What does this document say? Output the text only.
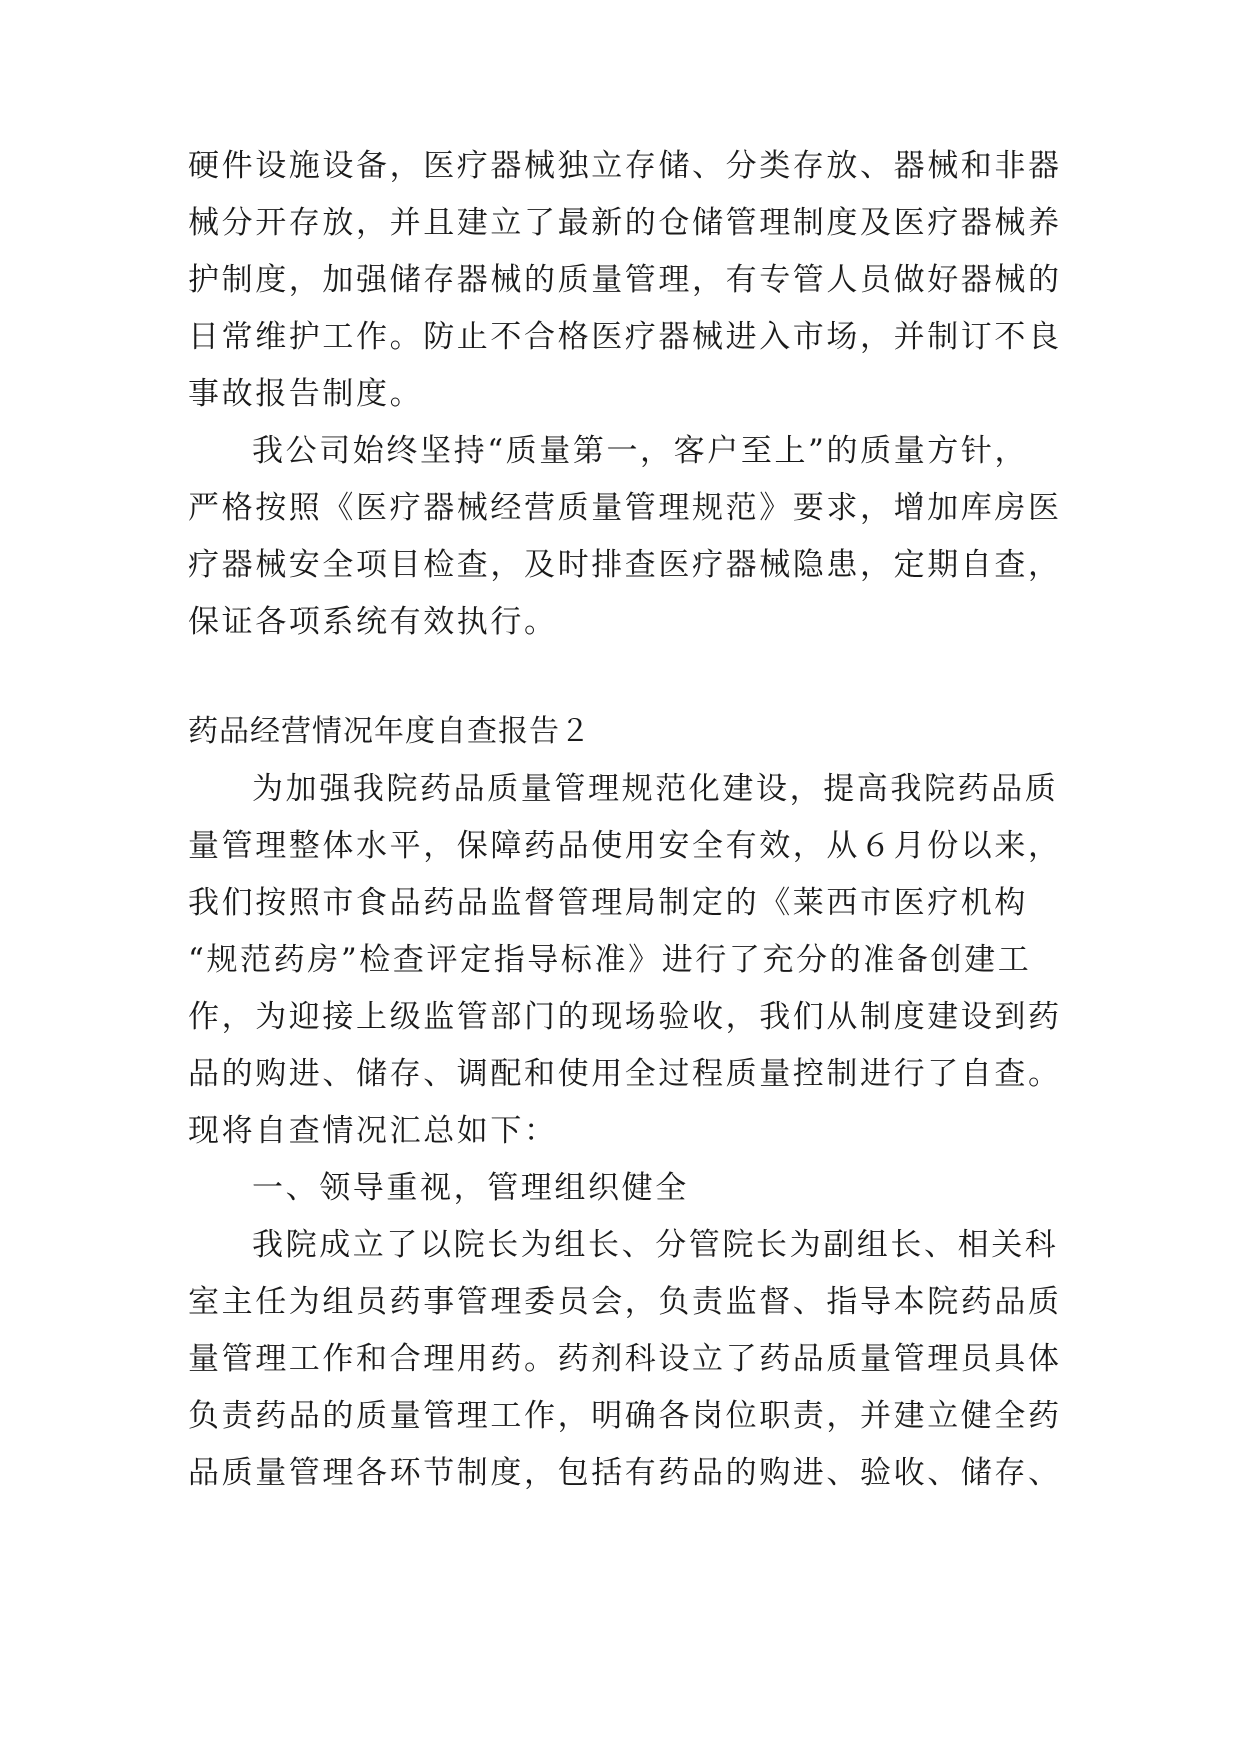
硬件设施设备，医疗器械独立存储、分类存放、器械和非器
械分开存放，并且建立了最新的仓储管理制度及医疗器械养
护制度，加强储存器械的质量管理，有专管人员做好器械的
日常维护工作。防止不合格医疗器械进入市场，并制订不良
事故报告制度。
我公司始终坚持“质量第一，客户至上”的质量方针，
严格按照《医疗器械经营质量管理规范》要求，增加库房医
疗器械安全项目检查，及时排查医疗器械隐患，定期自查，
保证各项系统有效执行。
药品经营情况年度自查报告２
为加强我院药品质量管理规范化建设，提高我院药品质
量管理整体水平，保障药品使用安全有效，从６月份以来，
我们按照市食品药品监督管理局制定的《莱西市医疗机构
“规范药房”检查评定指导标准》进行了充分的准备创建工
作，为迎接上级监管部门的现场验收，我们从制度建设到药
品的购进、储存、调配和使用全过程质量控制进行了自查。
现将自查情况汇总如下：
一、领导重视，管理组织健全
我院成立了以院长为组长、分管院长为副组长、相关科
室主任为组员药事管理委员会，负责监督、指导本院药品质
量管理工作和合理用药。药剂科设立了药品质量管理员具体
负责药品的质量管理工作，明确各岗位职责，并建立健全药
品质量管理各环节制度，包括有药品的购进、验收、储存、
